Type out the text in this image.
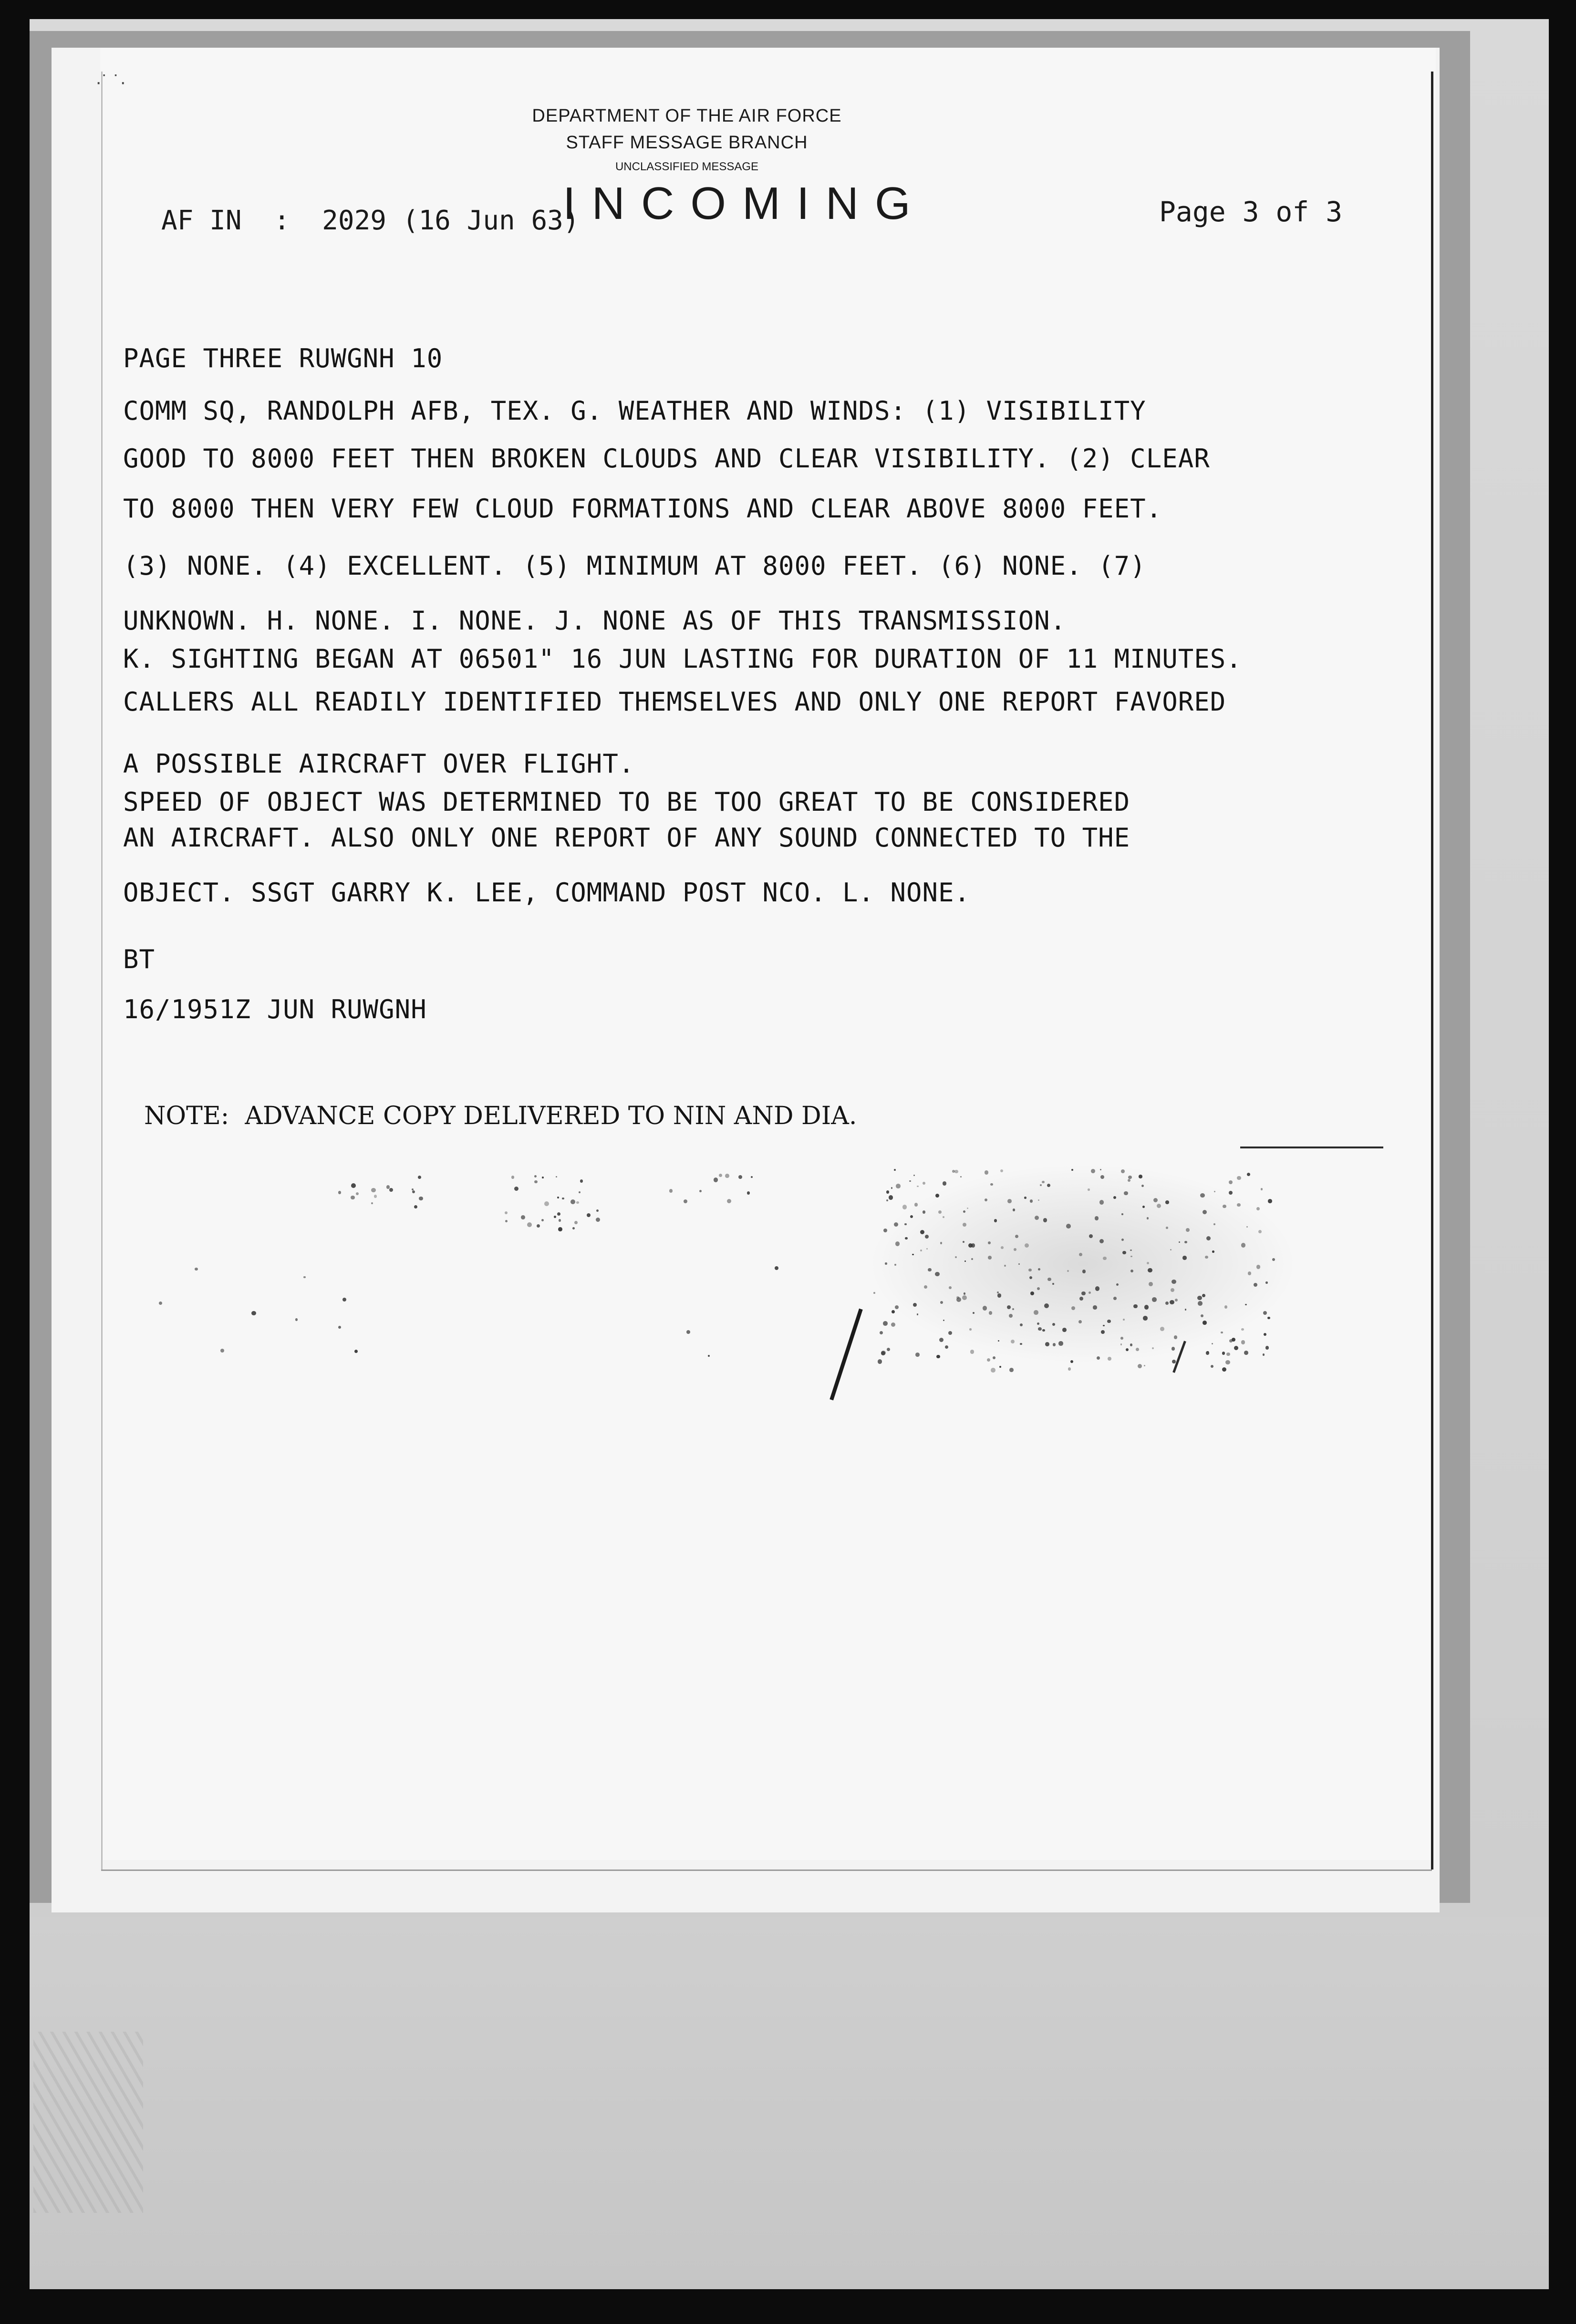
·˙ ˙·
DEPARTMENT OF THE AIR FORCE
STAFF MESSAGE BRANCH
UNCLASSIFIED MESSAGE
INCOMING
AF IN  :  2029 (16 Jun 63)	Page 3 of 3
PAGE THREE RUWGNH 10
COMM SQ, RANDOLPH AFB, TEX. G. WEATHER AND WINDS: (1) VISIBILITY
GOOD TO 8000 FEET THEN BROKEN CLOUDS AND CLEAR VISIBILITY. (2) CLEAR
TO 8000 THEN VERY FEW CLOUD FORMATIONS AND CLEAR ABOVE 8000 FEET.
(3) NONE. (4) EXCELLENT. (5) MINIMUM AT 8000 FEET. (6) NONE. (7)
UNKNOWN. H. NONE. I. NONE. J. NONE AS OF THIS TRANSMISSION.
K. SIGHTING BEGAN AT 06501" 16 JUN LASTING FOR DURATION OF 11 MINUTES.
CALLERS ALL READILY IDENTIFIED THEMSELVES AND ONLY ONE REPORT FAVORED
A POSSIBLE AIRCRAFT OVER FLIGHT.
SPEED OF OBJECT WAS DETERMINED TO BE TOO GREAT TO BE CONSIDERED
AN AIRCRAFT. ALSO ONLY ONE REPORT OF ANY SOUND CONNECTED TO THE
OBJECT. SSGT GARRY K. LEE, COMMAND POST NCO. L. NONE.
BT
16/1951Z JUN RUWGNH
NOTE:  ADVANCE COPY DELIVERED TO NIN AND DIA.
